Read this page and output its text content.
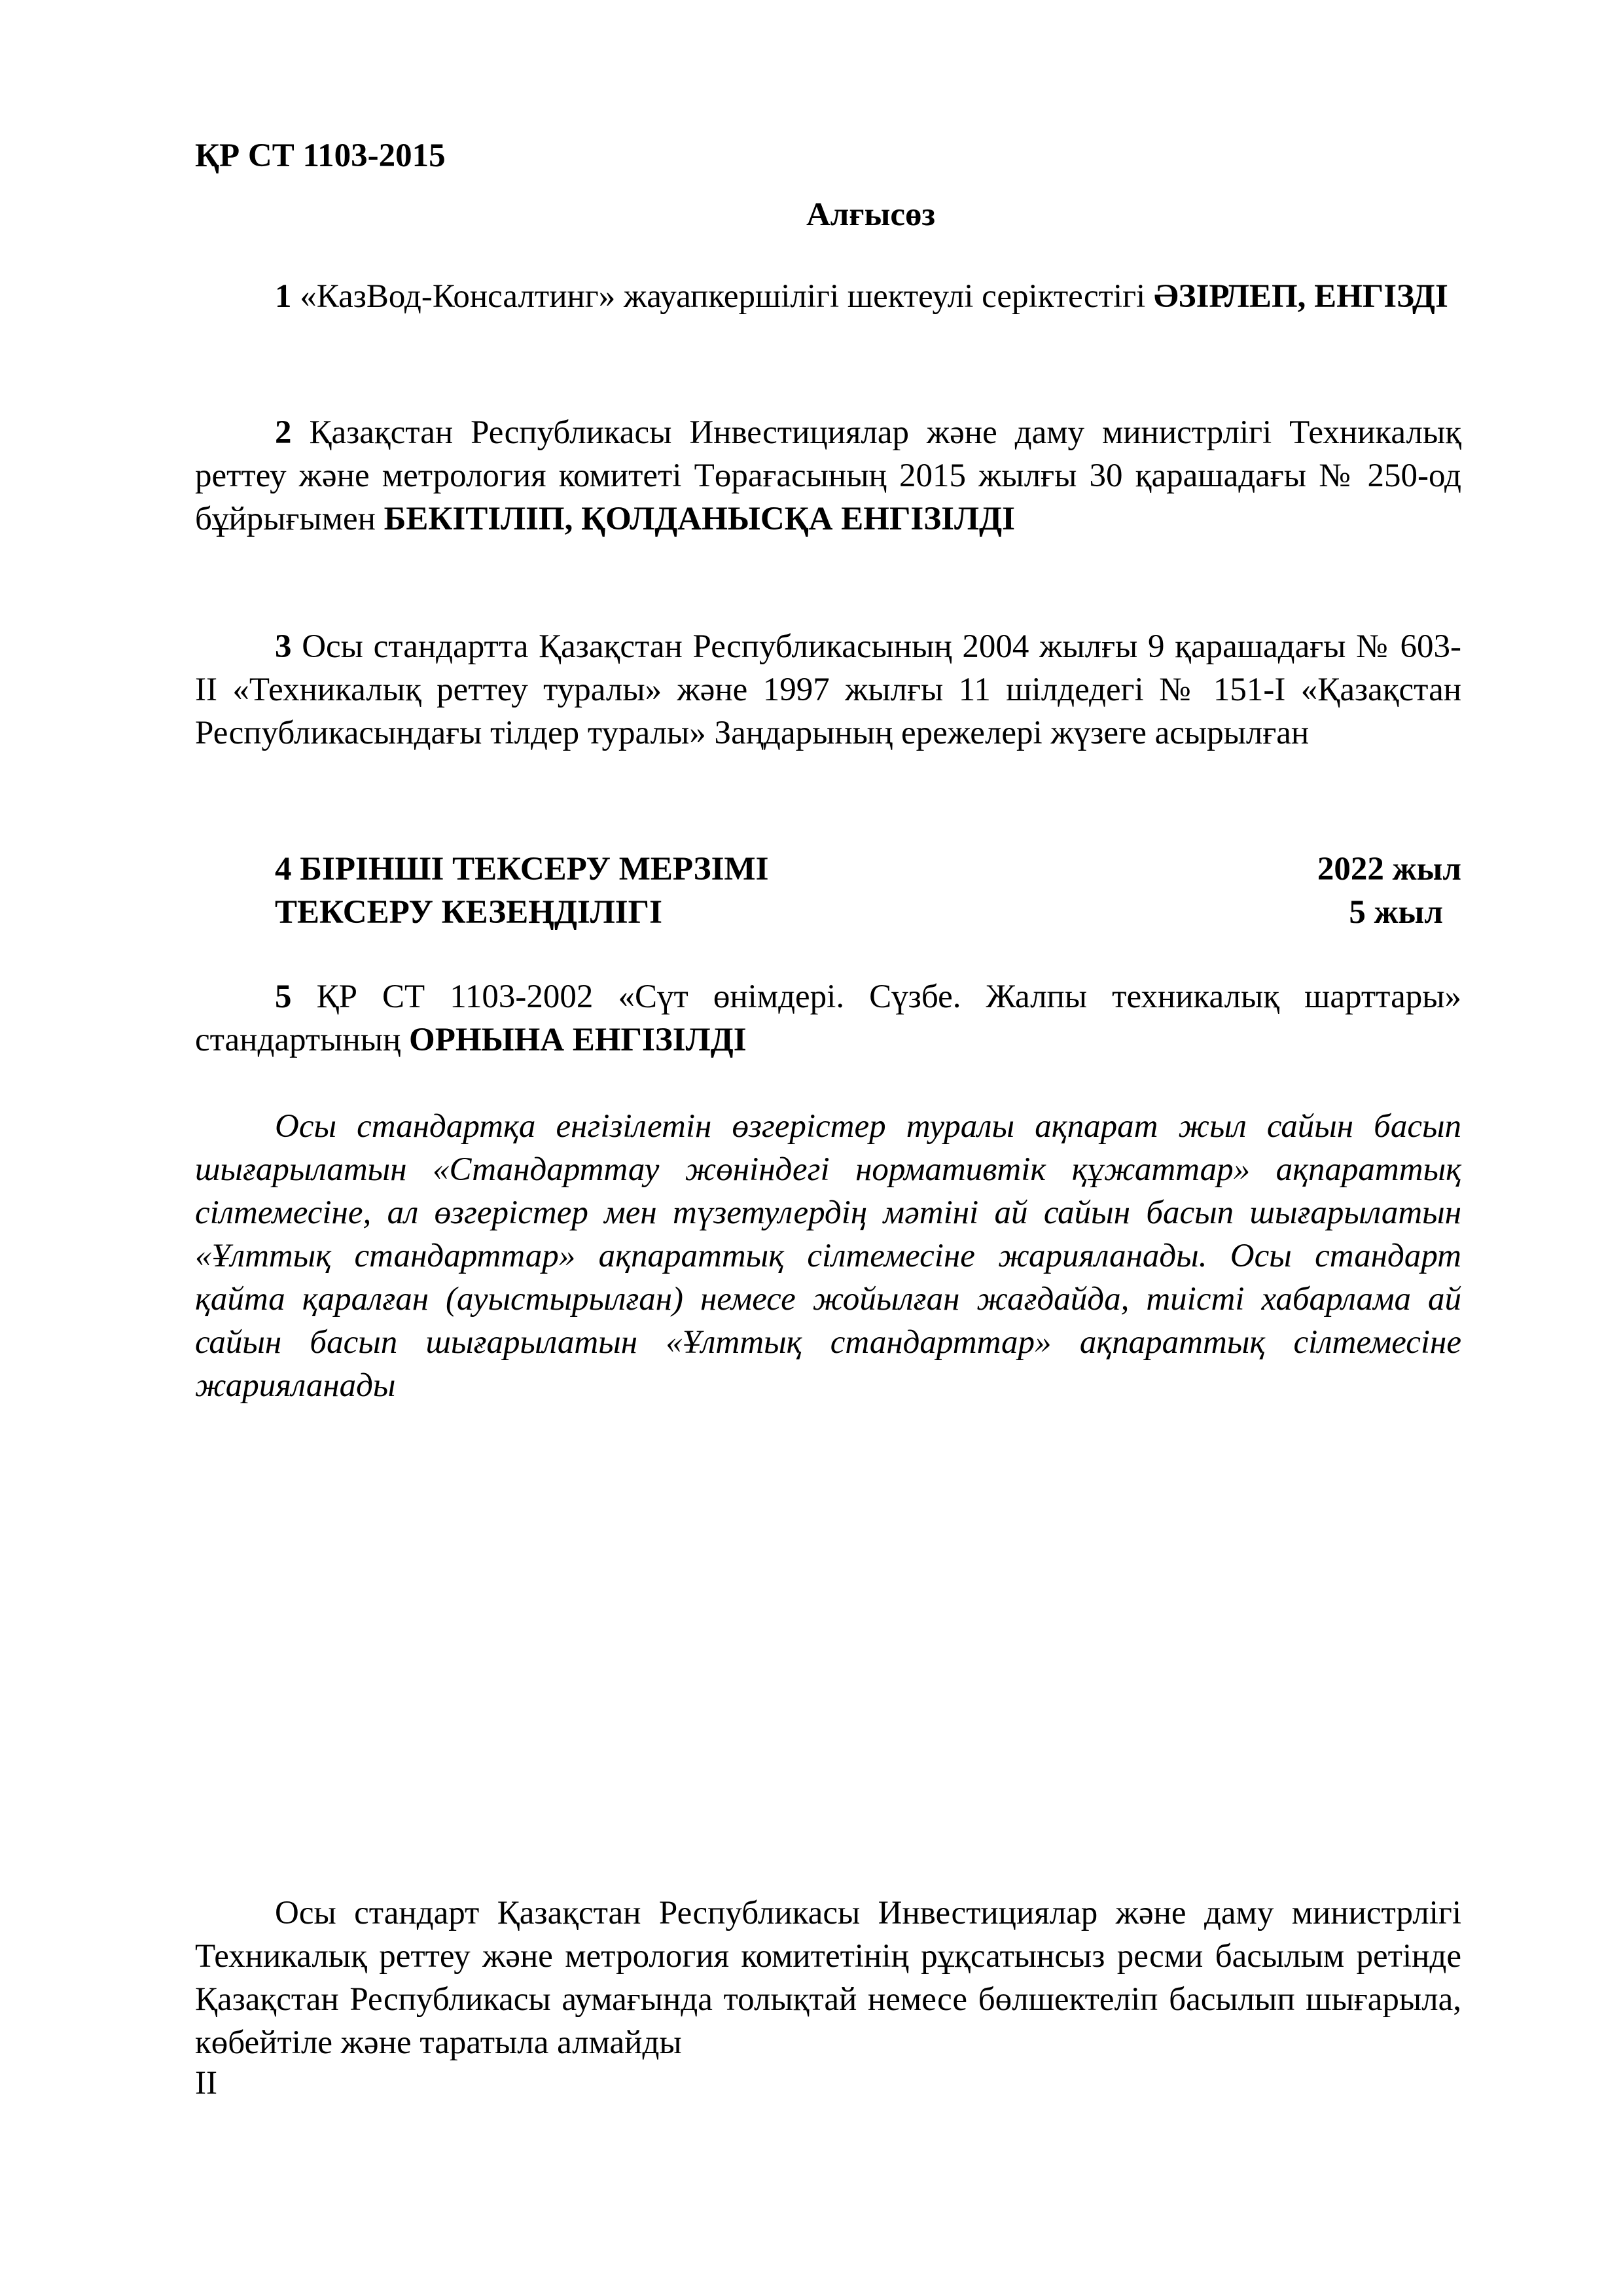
ҚР СТ 1103-2015
Алғысөз
1 «КазВод-Консалтинг» жауапкершілігі шектеулі серіктестігі ӘЗІРЛЕП, ЕНГІЗДІ
2 Қазақстан Республикасы Инвестициялар және даму министрлігі Техникалық реттеу және метрология комитеті Төрағасының 2015 жылғы 30 қарашадағы № 250-од бұйрығымен БЕКІТІЛІП, ҚОЛДАНЫСҚА ЕНГІЗІЛДІ
3 Осы стандартта Қазақстан Республикасының 2004 жылғы 9 қарашадағы № 603-II «Техникалық реттеу туралы» және 1997 жылғы 11 шілдедегі № 151-І «Қазақстан Республикасындағы тілдер туралы» Заңдарының ережелері жүзеге асырылған
4 БІРІНШІ ТЕКСЕРУ МЕРЗІМІ	2022 жыл
ТЕКСЕРУ КЕЗЕҢДІЛІГІ	5 жыл
5 ҚР СТ 1103-2002 «Сүт өнімдері. Сүзбе. Жалпы техникалық шарттары» стандартының ОРНЫНА ЕНГІЗІЛДІ
Осы стандартқа енгізілетін өзгерістер туралы ақпарат жыл сайын басып шығарылатын «Стандарттау жөніндегі нормативтік құжаттар» ақпараттық сілтемесіне, ал өзгерістер мен түзетулердің мәтіні ай сайын басып шығарылатын «Ұлттық стандарттар» ақпараттық сілтемесіне жарияланады. Осы стандарт қайта қаралған (ауыстырылған) немесе жойылған жағдайда, тиісті хабарлама ай сайын басып шығарылатын «Ұлттық стандарттар» ақпараттық сілтемесіне жарияланады
Осы стандарт Қазақстан Республикасы Инвестициялар және даму министрлігі Техникалық реттеу және метрология комитетінің рұқсатынсыз ресми басылым ретінде Қазақстан Республикасы аумағында толықтай немесе бөлшектеліп басылып шығарыла, көбейтіле және таратыла алмайды
II
